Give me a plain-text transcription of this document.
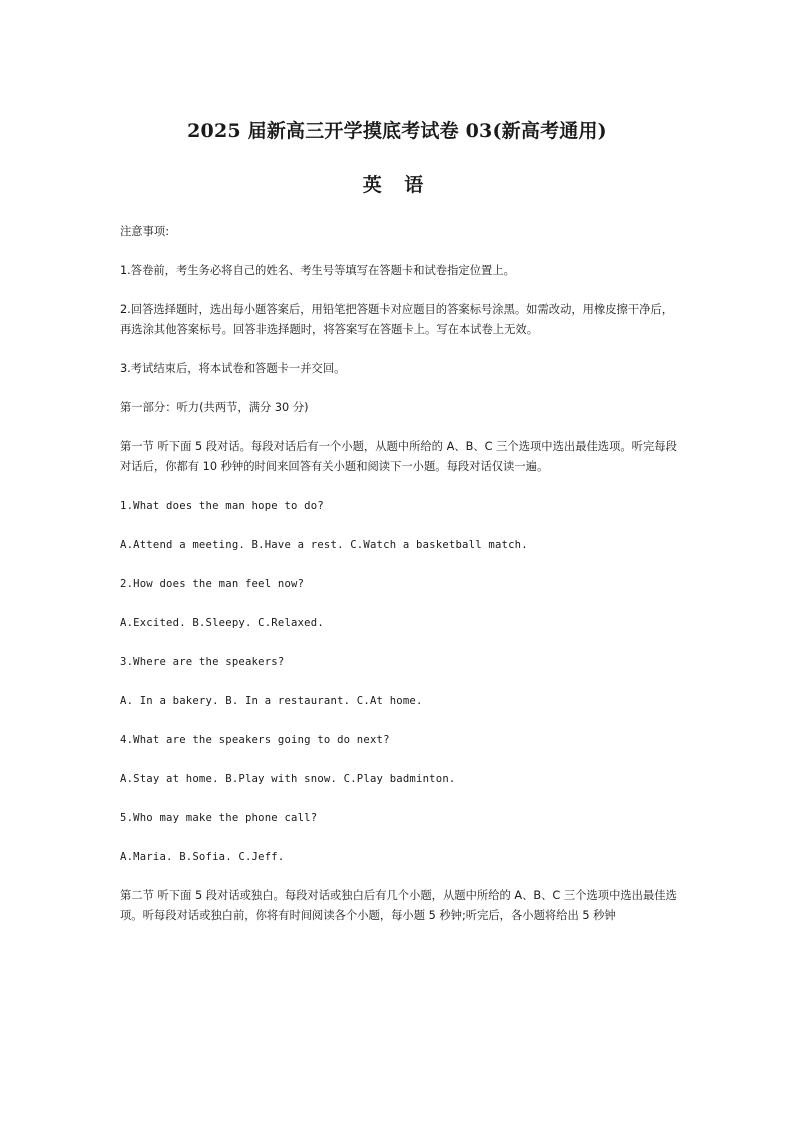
2025 届新高三开学摸底考试卷 03(新高考通用)
英 语

注意事项:

1.答卷前，考生务必将自己的姓名、考生号等填写在答题卡和试卷指定位置上。

2.回答选择题时，选出每小题答案后，用铅笔把答题卡对应题目的答案标号涂黑。如需改动，用橡皮擦干净后，再选涂其他答案标号。回答非选择题时，将答案写在答题卡上。写在本试卷上无效。

3.考试结束后，将本试卷和答题卡一并交回。

第一部分：听力(共两节，满分 30 分)

第一节 听下面 5 段对话。每段对话后有一个小题，从题中所给的 A、B、C 三个选项中选出最佳选项。听完每段对话后，你都有 10 秒钟的时间来回答有关小题和阅读下一小题。每段对话仅读一遍。

1.What does the man hope to do?

A.Attend a meeting. B.Have a rest. C.Watch a basketball match.

2.How does the man feel now?

A.Excited. B.Sleepy. C.Relaxed.

3.Where are the speakers?

A. In a bakery. B. In a restaurant. C.At home.

4.What are the speakers going to do next?

A.Stay at home. B.Play with snow. C.Play badminton.

5.Who may make the phone call?

A.Maria. B.Sofia. C.Jeff.

第二节 听下面 5 段对话或独白。每段对话或独白后有几个小题，从题中所给的 A、B、C 三个选项中选出最佳选项。听每段对话或独白前，你将有时间阅读各个小题，每小题 5 秒钟;听完后，各小题将给出 5 秒钟
